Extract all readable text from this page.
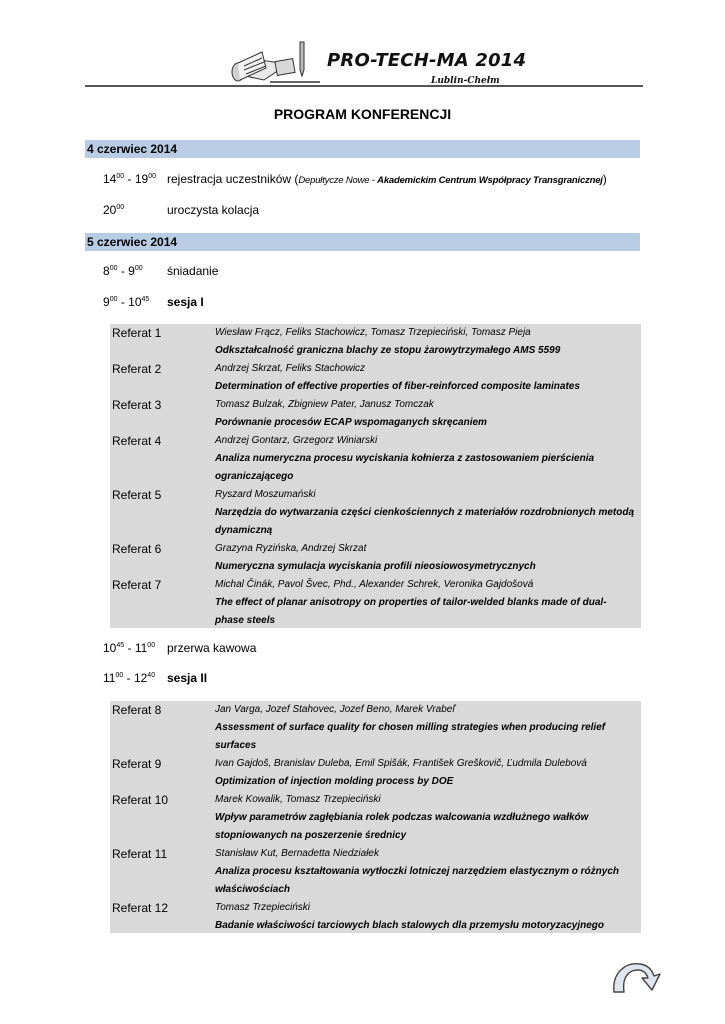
PRO-TECH-MA 2014
Lublin-Chełm
PROGRAM KONFERENCJI
4 czerwiec 2014
$14^{00} - 19^{00}$ rejestracja uczestników (Depułtycze Nowe - Akademickim Centrum Współpracy Transgranicznej)
$20^{00}$	uroczysta kolacja
5 czerwiec 2014
$8^{00} - 9^{00}$ śniadanie
$9^{00} - 10^{45}$ sesja I
Referat 1	Wiesław Frącz, Feliks Stachowicz, Tomasz Trzepieciński, Tomasz Pieja
Odkształcalność graniczna blachy ze stopu żarowytrzymałego AMS 5599
Referat 2	Andrzej Skrzat, Feliks Stachowicz
Determination of effective properties of fiber-reinforced composite laminates
Referat 3	Tomasz Bulzak, Zbigniew Pater, Janusz Tomczak
Porównanie procesów ECAP wspomaganych skręcaniem
Referat 4	Andrzej Gontarz, Grzegorz Winiarski
Analiza numeryczna procesu wyciskania kołnierza z zastosowaniem pierścienia ograniczającego
Referat 5	Ryszard Moszumański
Narzędzia do wytwarzania części cienkościennych z materiałów rozdrobnionych metodą dynamiczną
Referat 6	Grazyna Ryzińska, Andrzej Skrzat
Numeryczna symulacja wyciskania profili nieosiowosymetrycznych
Referat 7	Michal Činák, Pavol Švec, Phd., Alexander Schrek, Veronika Gajdošová
The effect of planar anisotropy on properties of tailor-welded blanks made of dual-phase steels
$10^{45} - 11^{00}$ przerwa kawowa
$11^{00} - 12^{40}$ sesja II
Referat 8	Jan Varga, Jozef Stahovec, Jozef Beno, Marek Vrabeľ
Assessment of surface quality for chosen milling strategies when producing relief surfaces
Referat 9	Ivan Gajdoš, Branislav Duleba, Emil Spišák, František Greškovič, Ľudmila Dulebová
Optimization of injection molding process by DOE
Referat 10	Marek Kowalik, Tomasz Trzepieciński
Wpływ parametrów zagłębiania rolek podczas walcowania wzdłużnego wałków stopniowanych na poszerzenie średnicy
Referat 11	Stanisław Kut, Bernadetta Niedziałek
Analiza procesu kształtowania wytłoczki lotniczej narzędziem elastycznym o różnych właściwościach
Referat 12	Tomasz Trzepieciński
Badanie właściwości tarciowych blach stalowych dla przemysłu motoryzacyjnego
